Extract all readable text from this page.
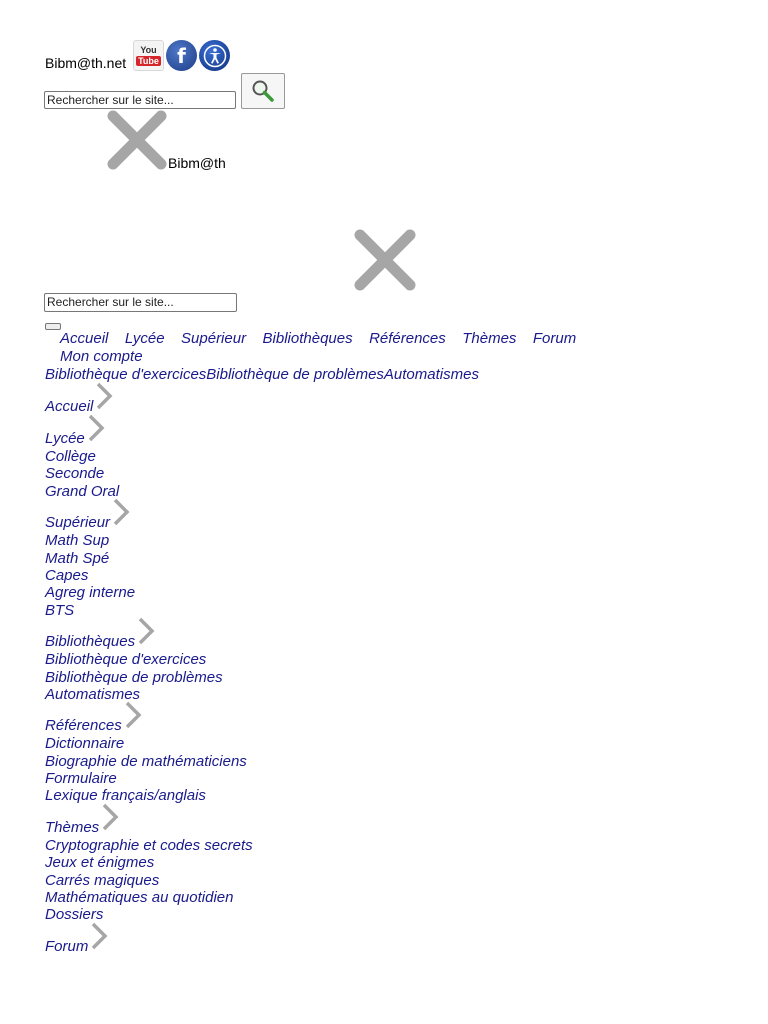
Bibm@th.net
You
Tube f
Rechercher sur le site...
Bibm@th
Rechercher sur le site...
Accueil Lycée Supérieur Bibliothèques Références Thèmes Forum
Mon compte
Bibliothèque d'exercicesBibliothèque de problèmesAutomatismes
Accueil
Lycée
Collège
Seconde
Grand Oral
Supérieur
Math Sup
Math Spé
Capes
Agreg interne
BTS
Bibliothèques
Bibliothèque d'exercices
Bibliothèque de problèmes
Automatismes
Références
Dictionnaire
Biographie de mathématiciens
Formulaire
Lexique français/anglais
Thèmes
Cryptographie et codes secrets
Jeux et énigmes
Carrés magiques
Mathématiques au quotidien
Dossiers
Forum
